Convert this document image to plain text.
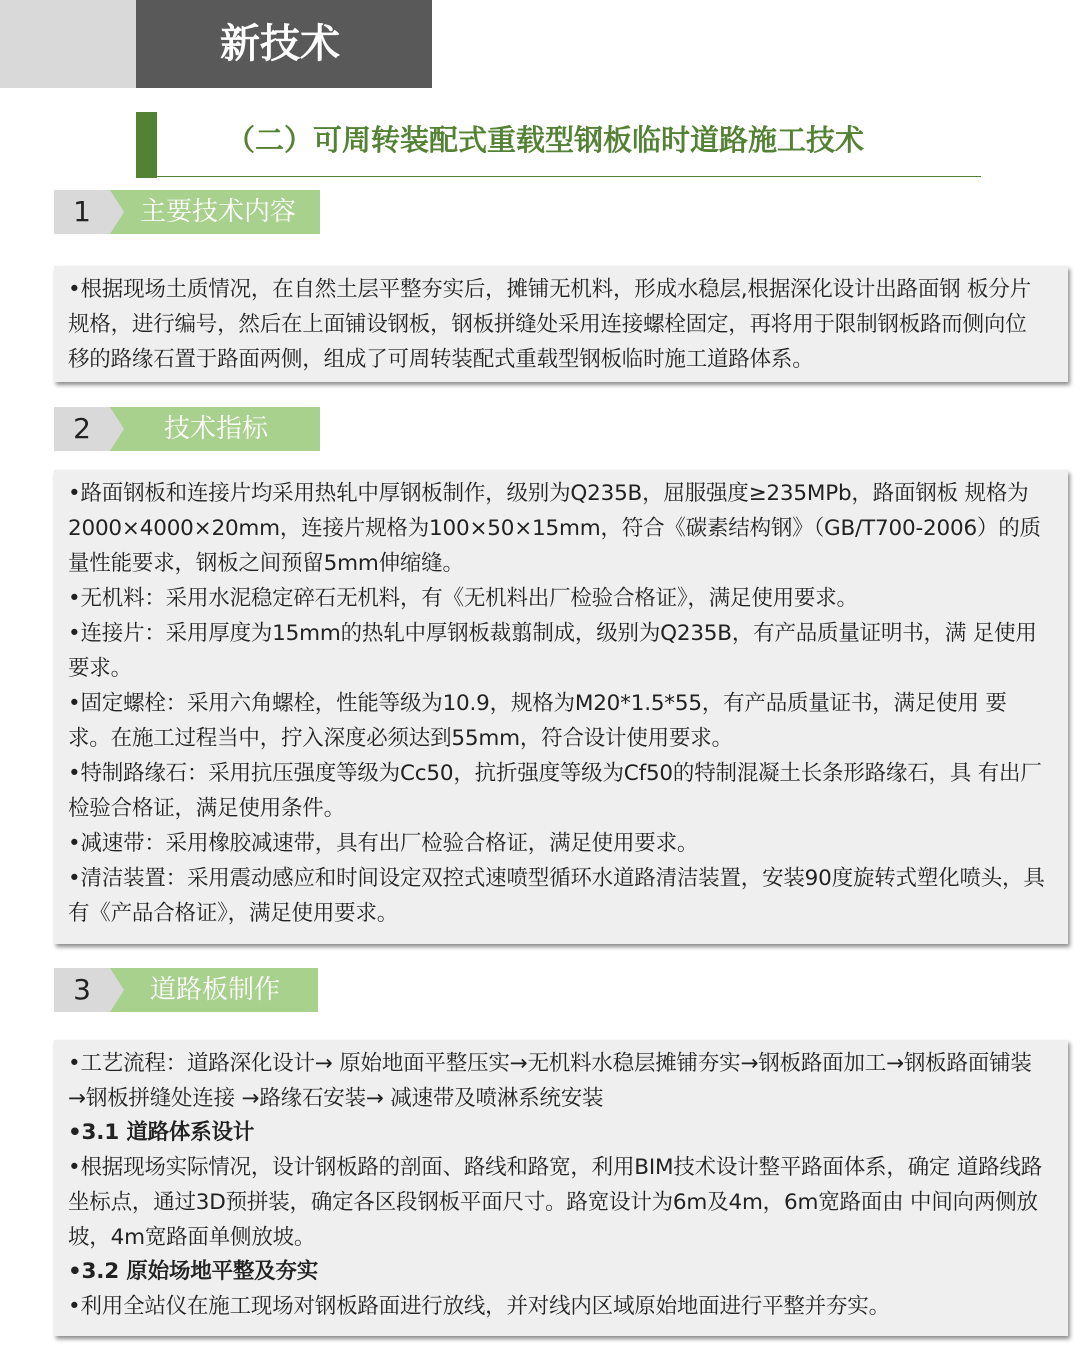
新技术
（二）可周转装配式重载型钢板临时道路施工技术
主要技术内容
1

•根据现场土质情况，在自然土层平整夯实后，摊铺无机料，形成水稳层,根据深化设计出路面钢 板分片规格，进行编号，然后在上面铺设钢板，钢板拼缝处采用连接螺栓固定，再将用于限制钢板路而侧向位移的路缘石置于路面两侧，组成了可周转装配式重载型钢板临时施工道路体系。

技术指标
2

•路面钢板和连接片均采用热轧中厚钢板制作，级别为Q235B，屈服强度≥235MPb，路面钢板 规格为2000×4000×20mm，连接片规格为100×50×15mm，符合《碳素结构钢》（GB/T700-2006）的质量性能要求，钢板之间预留5mm伸缩缝。

•无机料：采用水泥稳定碎石无机料，有《无机料出厂检验合格证》，满足使用要求。

•连接片：采用厚度为15mm的热轧中厚钢板裁翦制成，级别为Q235B，有产品质量证明书，满 足使用要求。

•固定螺栓：采用六角螺栓，性能等级为10.9，规格为M20*1.5*55，有产品质量证书，满足使用 要求。在施工过程当中，拧入深度必须达到55mm，符合设计使用要求。

•特制路缘石：采用抗压强度等级为Cc50，抗折强度等级为Cf50的特制混凝土长条形路缘石，具 有出厂检验合格证，满足使用条件。

•减速带：采用橡胶减速带，具有出厂检验合格证，满足使用要求。

•清洁装置：采用震动感应和时间设定双控式速喷型循环水道路清洁装置，安装90度旋转式塑化喷头，具有《产品合格证》，满足使用要求。

道路板制作
3

•工艺流程：道路深化设计→ 原始地面平整压实→无机料水稳层摊铺夯实→钢板路面加工→钢板路面铺装 →钢板拼缝处连接 →路缘石安装→ 减速带及喷淋系统安装

•3.1 道路体系设计

•根据现场实际情况，设计钢板路的剖面、路线和路宽，利用BIM技术设计整平路面体系，确定 道路线路坐标点，通过3D预拼装，确定各区段钢板平面尺寸。路宽设计为6m及4m，6m宽路面由 中间向两侧放坡，4m宽路面单侧放坡。

•3.2 原始场地平整及夯实

•利用全站仪在施工现场对钢板路面进行放线，并对线内区域原始地面进行平整并夯实。
